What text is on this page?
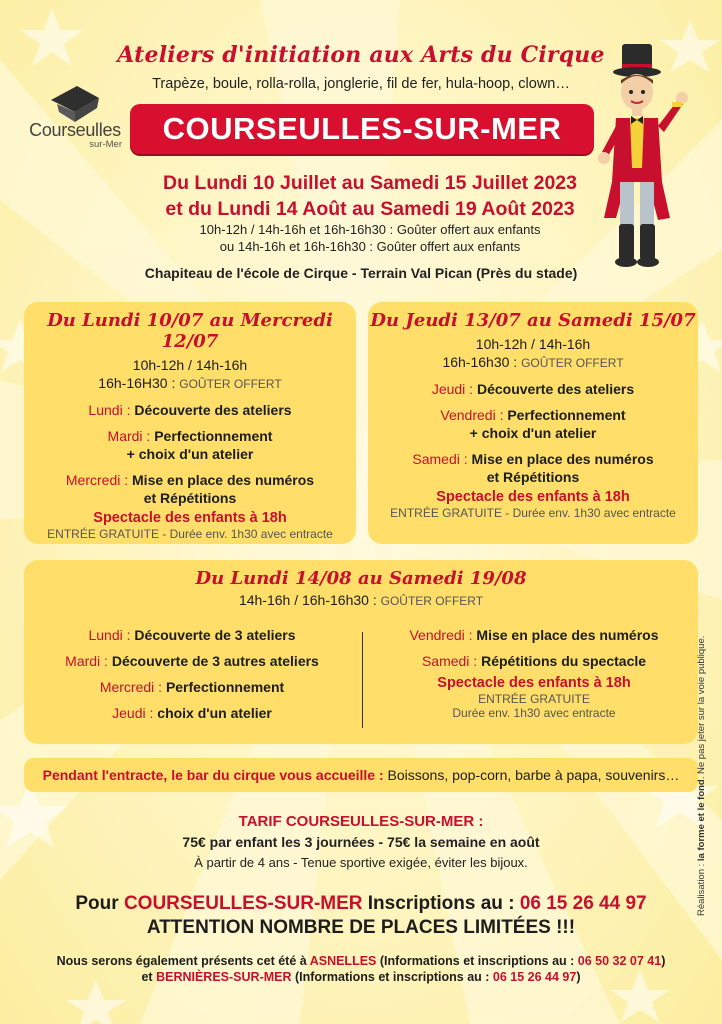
Ateliers d'initiation aux Arts du Cirque
Trapèze, boule, rolla-rolla, jonglerie, fil de fer, hula-hoop, clown…
Courseulles
sur-Mer	COURSEULLES-SUR-MER
Du Lundi 10 Juillet au Samedi 15 Juillet 2023
et du Lundi 14 Août au Samedi 19 Août 2023
10h-12h / 14h-16h et 16h-16h30 : Goûter offert aux enfants
ou 14h-16h et 16h-16h30 : Goûter offert aux enfants
Chapiteau de l'école de Cirque - Terrain Val Pican (Près du stade)
Du Lundi 10/07 au Mercredi 12/07
10h-12h / 14h-16h
16h-16H30 : GOÛTER OFFERT
Lundi : Découverte des ateliers
Mardi : Perfectionnement
+ choix d'un atelier
Mercredi : Mise en place des numéros
et Répétitions
Spectacle des enfants à 18h
ENTRÉE GRATUITE - Durée env. 1h30 avec entracte
Du Jeudi 13/07 au Samedi 15/07
10h-12h / 14h-16h
16h-16h30 : GOÛTER OFFERT
Jeudi : Découverte des ateliers
Vendredi : Perfectionnement
+ choix d'un atelier
Samedi : Mise en place des numéros
et Répétitions
Spectacle des enfants à 18h
ENTRÉE GRATUITE - Durée env. 1h30 avec entracte
Du Lundi 14/08 au Samedi 19/08
14h-16h / 16h-16h30 : GOÛTER OFFERT
Lundi : Découverte de 3 ateliers
Mardi : Découverte de 3 autres ateliers
Mercredi : Perfectionnement
Jeudi : choix d'un atelier
Vendredi : Mise en place des numéros
Samedi : Répétitions du spectacle
Spectacle des enfants à 18h
ENTRÉE GRATUITE
Durée env. 1h30 avec entracte
Pendant l'entracte, le bar du cirque vous accueille : Boissons, pop-corn, barbe à papa, souvenirs…
TARIF COURSEULLES-SUR-MER :
75€ par enfant les 3 journées - 75€ la semaine en août
À partir de 4 ans - Tenue sportive exigée, éviter les bijoux.
Pour COURSEULLES-SUR-MER Inscriptions au : 06 15 26 44 97
ATTENTION NOMBRE DE PLACES LIMITÉES !!!
Nous serons également présents cet été à ASNELLES (Informations et inscriptions au : 06 50 32 07 41)
et BERNIÈRES-SUR-MER (Informations et inscriptions au : 06 15 26 44 97)
Réalisation : la forme et le fond. Ne pas jeter sur la voie publique.
